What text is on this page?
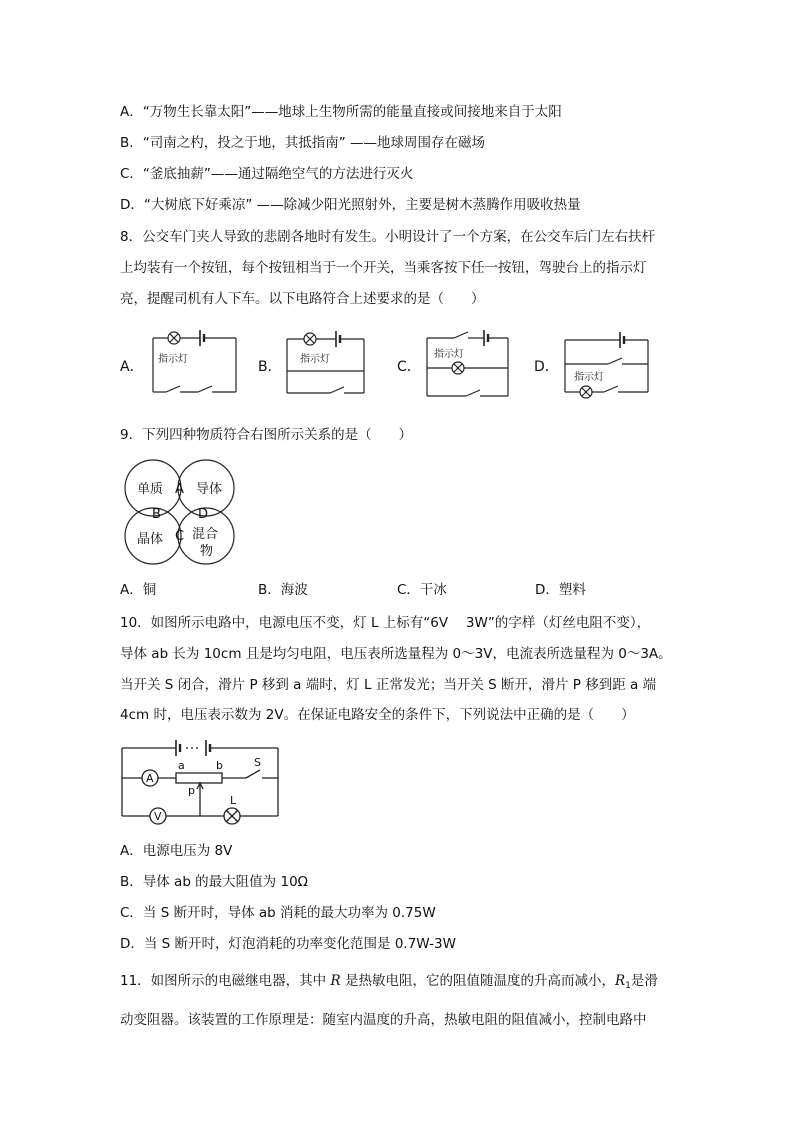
A．“万物生长靠太阳”——地球上生物所需的能量直接或间接地来自于太阳
B．“司南之杓，投之于地，其抵指南” ——地球周围存在磁场
C．“釜底抽薪”——通过隔绝空气的方法进行灭火
D．“大树底下好乘凉” ——除减少阳光照射外，主要是树木蒸腾作用吸收热量
8．公交车门夹人导致的悲剧各地时有发生。小明设计了一个方案，在公交车后门左右扶杆
上均装有一个按钮，每个按钮相当于一个开关，当乘客按下任一按钮，驾驶台上的指示灯
亮，提醒司机有人下车。以下电路符合上述要求的是（　　）
A．	B．	C．	D．
指示灯	指示灯	指示灯
指示灯
9．下列四种物质符合右图所示关系的是（　　）
单质	导体
晶体 混合
物
A
B
C
D
A．铜	B．海波	C．干冰	D．塑料
10．如图所示电路中，电源电压不变，灯 L 上标有“6V　 3W”的字样（灯丝电阻不变），
导体 ab 长为 10cm 且是均匀电阻，电压表所选量程为 0～3V，电流表所选量程为 0～3A。
当开关 S 闭合，滑片 P 移到 a 端时，灯 L 正常发光；当开关 S 断开，滑片 P 移到距 a 端
4cm 时，电压表示数为 2V。在保证电路安全的条件下，下列说法中正确的是（　　）
A
V
a	b
p
S
L
A．电源电压为 8V
B．导体 ab 的最大阻值为 10Ω
C．当 S 断开时，导体 ab 消耗的最大功率为 0.75W
D．当 S 断开时，灯泡消耗的功率变化范围是 0.7W-3W
11．如图所示的电磁继电器，其中 R 是热敏电阻，它的阻值随温度的升高而减小，$R_1$是滑
动变阻器。该装置的工作原理是：随室内温度的升高，热敏电阻的阻值减小，控制电路中
